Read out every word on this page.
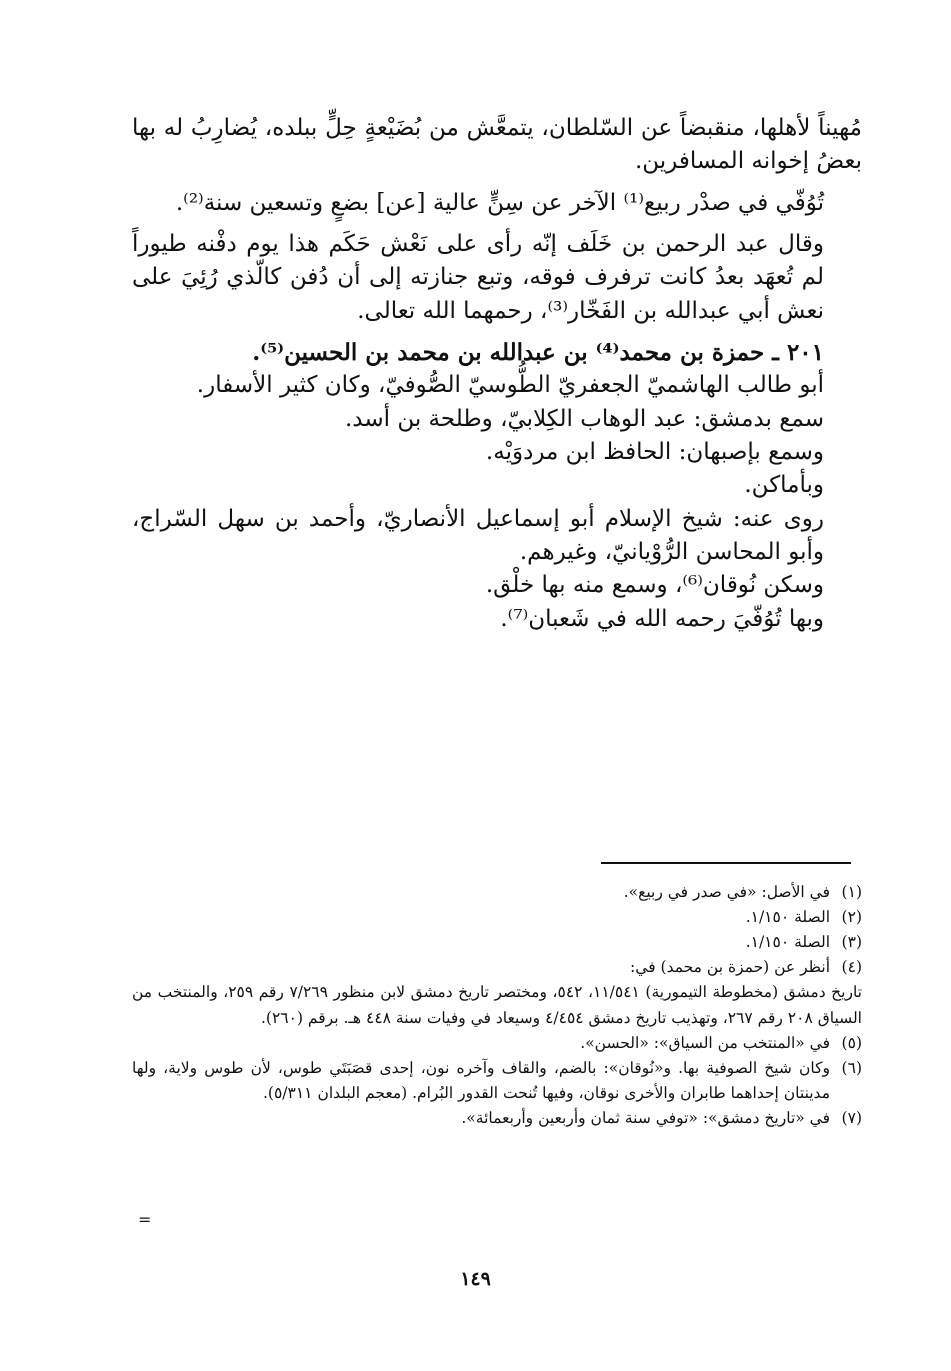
مُهيناً لأهلها، منقبضاً عن السّلطان، يتمعَّش من بُضَيْعةٍ حِلٍّ ببلده، يُضارِبُ له بها بعضُ إخوانه المسافرين.

تُوُفّي في صدْر ربيع⁽¹⁾ الآخر عن سِنٍّ عالية [عن] بضعٍ وتسعين سنة⁽²⁾.

وقال عبد الرحمن بن خَلَف إنّه رأى على نَعْش حَكَم هذا يوم دفْنه طيوراً لم تُعهَد بعدُ كانت ترفرف فوقه، وتبع جنازته إلى أن دُفن كالّذي رُئِيَ على نعش أبي عبدالله بن الفَخّار⁽³⁾، رحمهما الله تعالى.

٢٠١ ـ حمزة بن محمد⁽⁴⁾ بن عبدالله بن محمد بن الحسين⁽⁵⁾.

أبو طالب الهاشميّ الجعفريّ الطُّوسيّ الصُّوفيّ، وكان كثير الأسفار.

سمع بدمشق: عبد الوهاب الكِلابيّ، وطلحة بن أسد.

وسمع بإصبهان: الحافظ ابن مردوَيْه.

وبأماكن.

روى عنه: شيخ الإسلام أبو إسماعيل الأنصاريّ، وأحمد بن سهل السّراج، وأبو المحاسن الرُّوْيانيّ، وغيرهم.

وسكن نُوقان⁽⁶⁾، وسمع منه بها خلْق.

وبها تُوُفّيَ رحمه الله في شَعبان⁽⁷⁾.

(١)
في الأصل: «في صدر في ربيع».
(٢)
الصلة ١/١٥٠.
(٣)
الصلة ١/١٥٠.
(٤)
أنظر عن (حمزة بن محمد) في:

تاريخ دمشق (مخطوطة التيمورية) ١١/٥٤١، ٥٤٢، ومختصر تاريخ دمشق لابن منظور ٧/٢٦٩ رقم ٢٥٩، والمنتخب من السياق ٢٠٨ رقم ٢٦٧، وتهذيب تاريخ دمشق ٤/٤٥٤ وسيعاد في وفيات سنة ٤٤٨ هـ. برقم (٢٦٠).

(٥)
في «المنتخب من السياق»: «الحسن».
(٦)
وكان شيخ الصوفية بها. و«نُوقان»: بالضم، والقاف وآخره نون، إحدى قصَبَتَي طوس، لأن طوس ولاية، ولها مدينتان إحداهما طابران والأخرى نوقان، وفيها تُنحت القدور البُرام. (معجم البلدان ٥/٣١١).
(٧)
في «تاريخ دمشق»: «توفي سنة ثمان وأربعين وأربعمائة».
=
١٤٩
